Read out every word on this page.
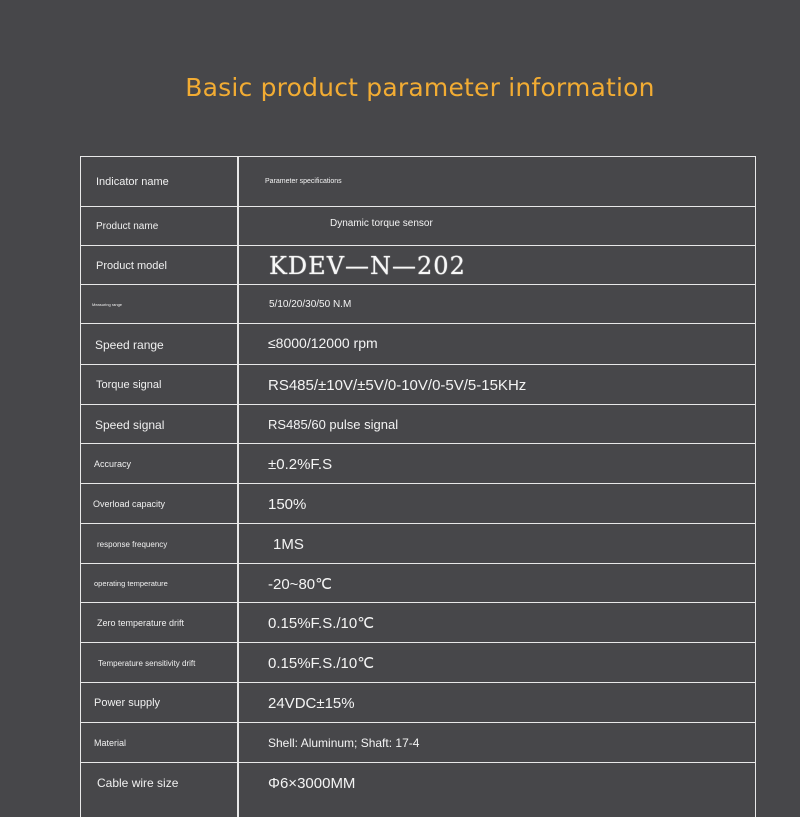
Basic product parameter information
Indicator name	Parameter specifications
Product name	Dynamic torque sensor
Product model	KDEV—N—202
Measuring range	5/10/20/30/50 N.M
Speed range	≤8000/12000 rpm
Torque signal	RS485/±10V/±5V/0-10V/0-5V/5-15KHz
Speed signal	RS485/60 pulse signal
Accuracy	±0.2%F.S
Overload capacity	150%
response frequency	1MS
operating temperature	-20~80℃
Zero temperature drift	0.15%F.S./10℃
Temperature sensitivity drift	0.15%F.S./10℃
Power supply	24VDC±15%
Material	Shell: Aluminum; Shaft: 17-4
Cable wire size	Φ6×3000MM
